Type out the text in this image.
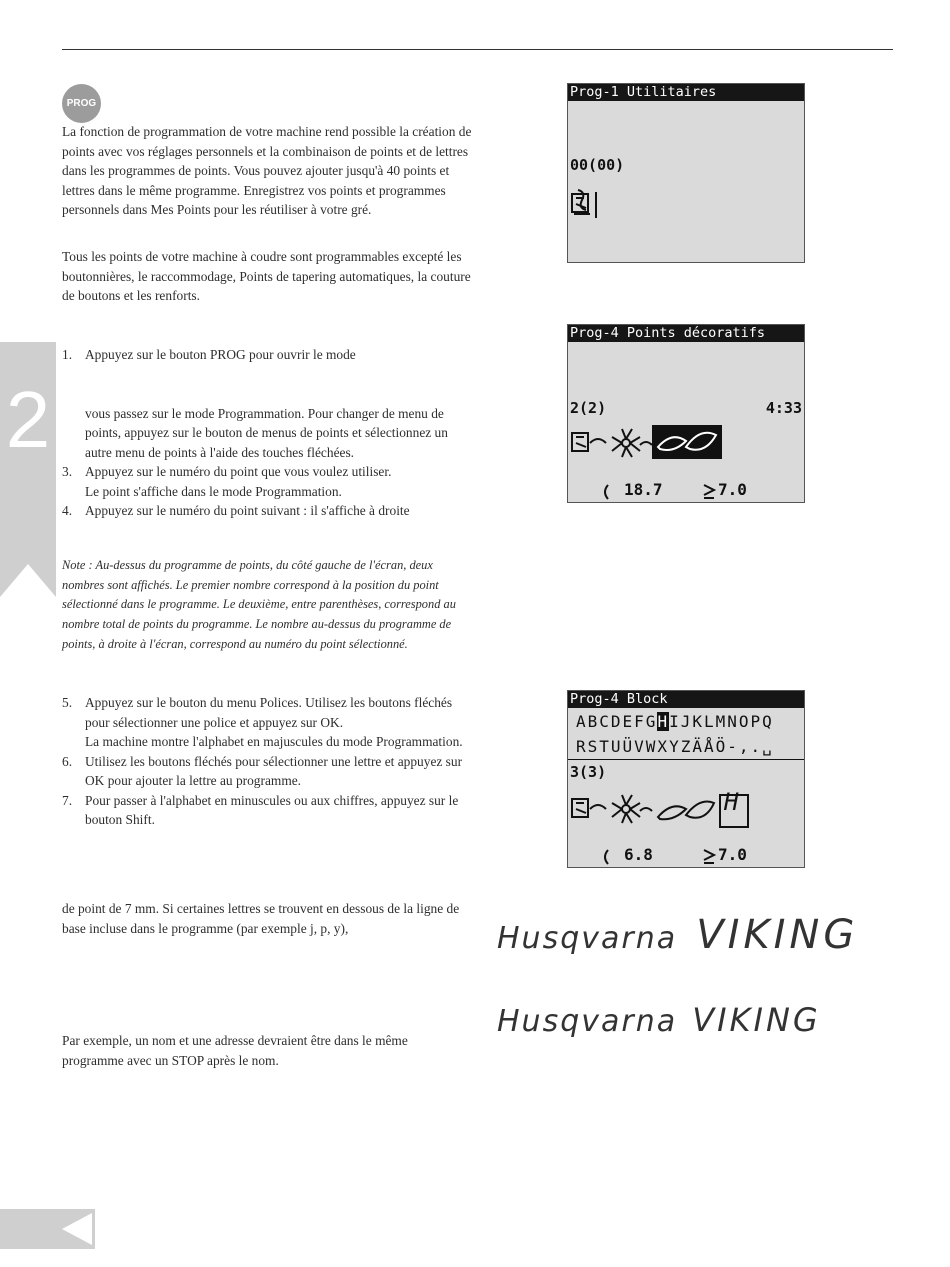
2
PROG

La fonction de programmation de votre machine rend possible la création de points avec vos réglages personnels et la combinaison de points et de lettres dans les programmes de points. Vous pouvez ajouter jusqu'à 40 points et lettres dans le même programme. Enregistrez vos points et programmes personnels dans Mes Points pour les réutiliser à votre gré.

Tous les points de votre machine à coudre sont programmables excepté les boutonnières, le raccommodage, Points de tapering automatiques, la couture de boutons et les renforts.

1. Appuyez sur le bouton PROG pour ouvrir le mode
vous passez sur le mode Programmation. Pour changer de menu de points, appuyez sur le bouton de menus de points et sélectionnez un autre menu de points à l'aide des touches fléchées.
3. Appuyez sur le numéro du point que vous voulez utiliser.
Le point s'affiche dans le mode Programmation.
4. Appuyez sur le numéro du point suivant : il s'affiche à droite

Note : Au-dessus du programme de points, du côté gauche de l'écran, deux nombres sont affichés. Le premier nombre correspond à la position du point sélectionné dans le programme. Le deuxième, entre parenthèses, correspond au nombre total de points du programme. Le nombre au-dessus du programme de points, à droite à l'écran, correspond au numéro du point sélectionné.

5. Appuyez sur le bouton du menu Polices. Utilisez les boutons fléchés pour sélectionner une police et appuyez sur OK.
La machine montre l'alphabet en majuscules du mode Programmation.
6. Utilisez les boutons fléchés pour sélectionner une lettre et appuyez sur OK pour ajouter la lettre au programme.
7. Pour passer à l'alphabet en minuscules ou aux chiffres, appuyez sur le bouton Shift.

de point de 7 mm. Si certaines lettres se trouvent en dessous de la ligne de base incluse dans le programme (par exemple j, p, y),

Par exemple, un nom et une adresse devraient être dans le même programme avec un STOP après le nom.

Prog-1 Utilitaires
00(00)
Prog-4 Points décoratifs
2(2)	4:33
18.7	7.0
Prog-4 Block
ABCDEFGHIJKLMNOPQ
RSTUÜVWXYZÄÅÖ-,.␣
3(3)
H
6.8	7.0
Husqvarna VIKING
Husqvarna VIKING
